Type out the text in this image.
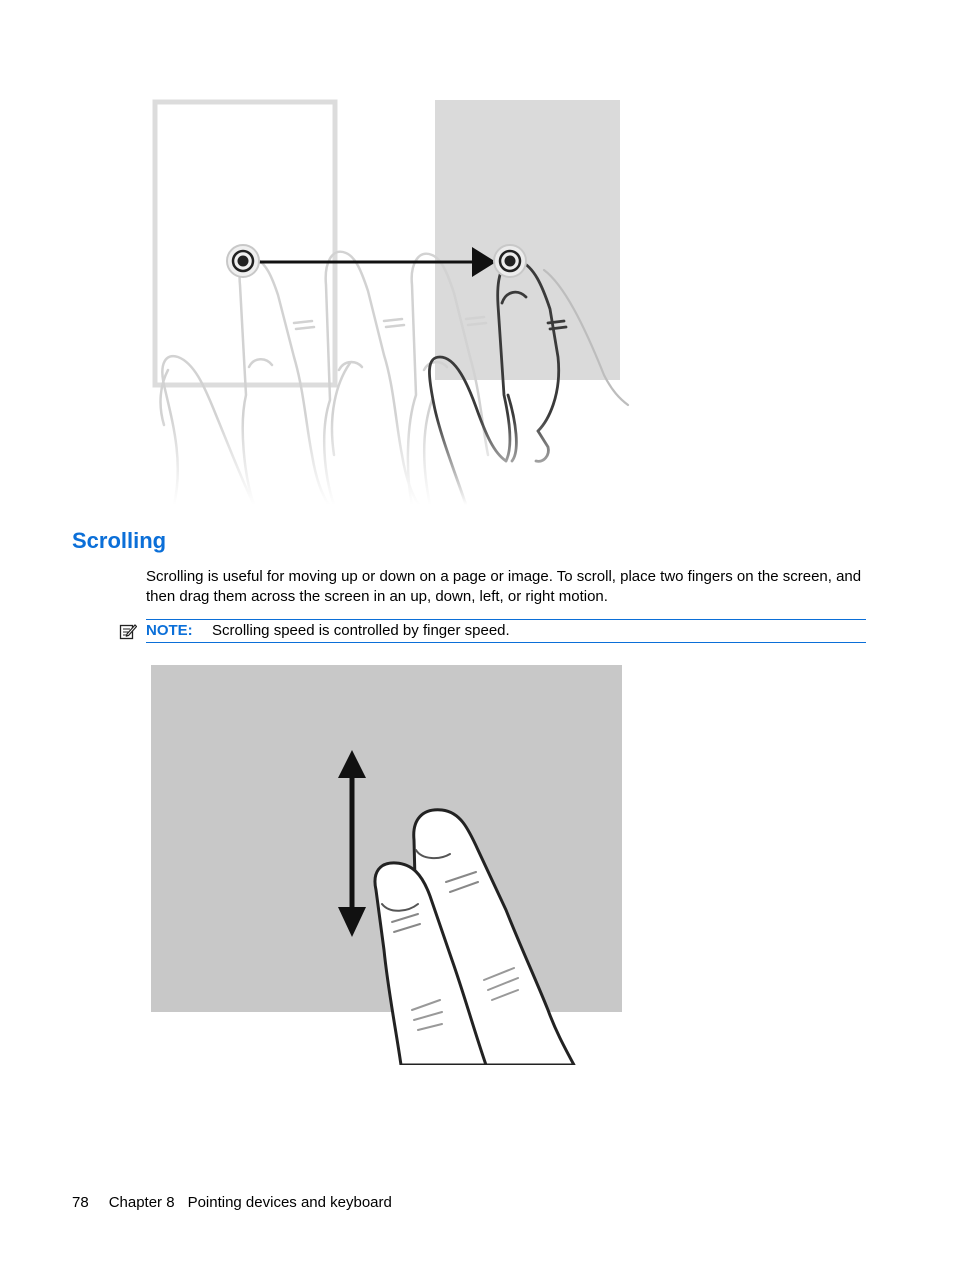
Scrolling

Scrolling is useful for moving up or down on a page or image. To scroll, place two fingers on the screen, and then drag them across the screen in an up, down, left, or right motion.

NOTE: Scrolling speed is controlled by finger speed.
78 Chapter 8 Pointing devices and keyboard
